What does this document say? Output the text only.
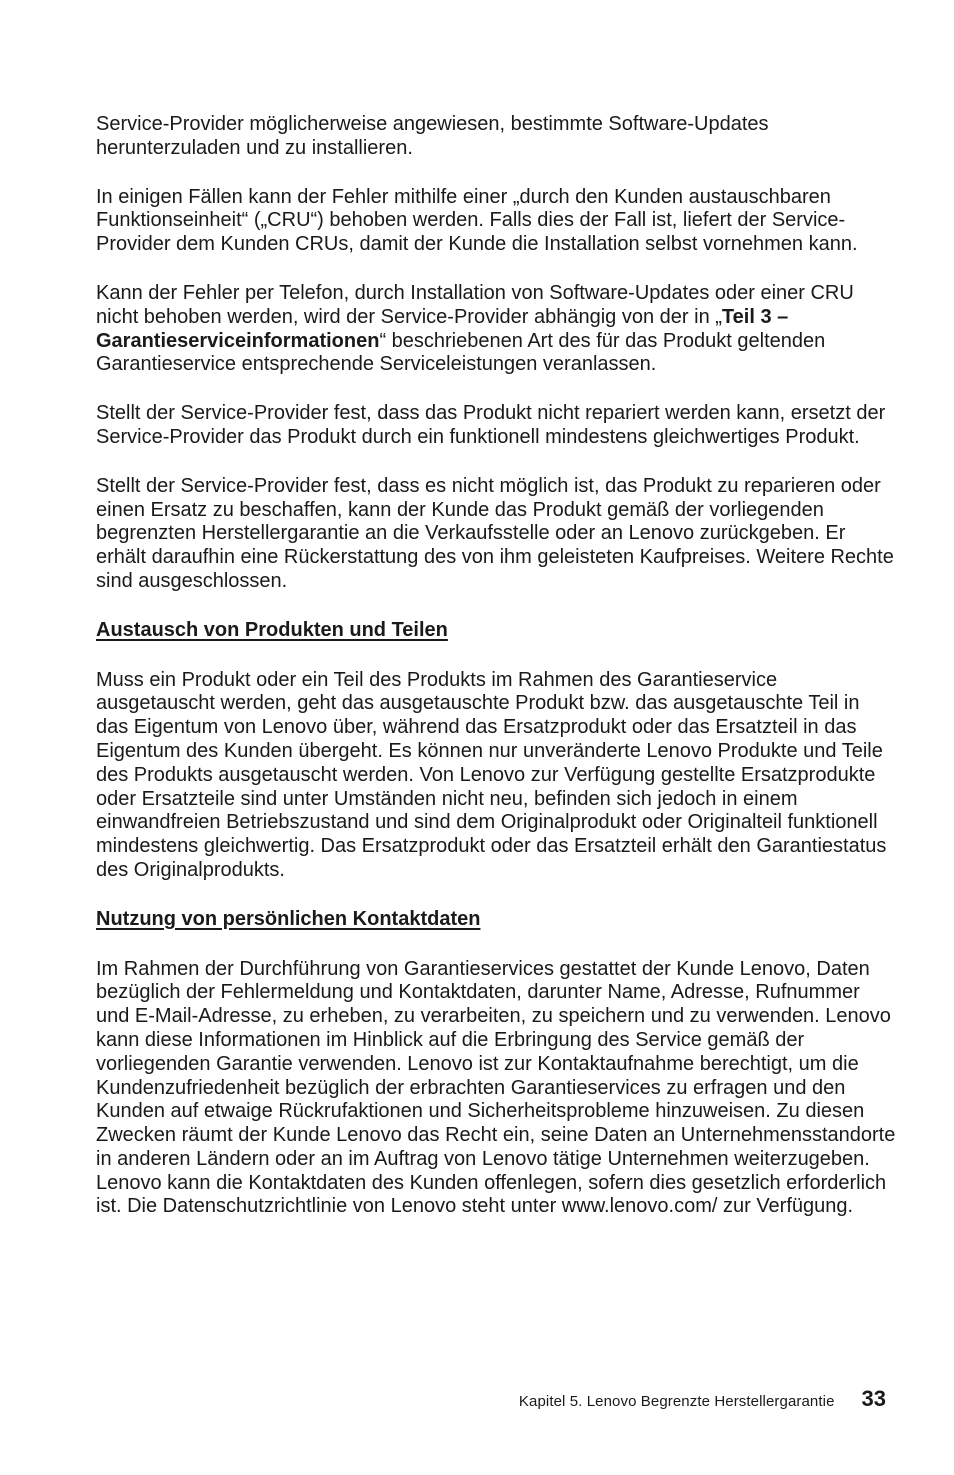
Service-Provider möglicherweise angewiesen, bestimmte Software-Updates herunterzuladen und zu installieren.

In einigen Fällen kann der Fehler mithilfe einer „durch den Kunden austauschbaren Funktionseinheit“ („CRU“) behoben werden. Falls dies der Fall ist, liefert der Service-Provider dem Kunden CRUs, damit der Kunde die Installation selbst vornehmen kann.

Kann der Fehler per Telefon, durch Installation von Software-Updates oder einer CRU nicht behoben werden, wird der Service-Provider abhängig von der in „Teil 3 – Garantieserviceinformationen“ beschriebenen Art des für das Produkt geltenden Garantieservice entsprechende Serviceleistungen veranlassen.

Stellt der Service-Provider fest, dass das Produkt nicht repariert werden kann, ersetzt der Service-Provider das Produkt durch ein funktionell mindestens gleichwertiges Produkt.

Stellt der Service-Provider fest, dass es nicht möglich ist, das Produkt zu reparieren oder einen Ersatz zu beschaffen, kann der Kunde das Produkt gemäß der vorliegenden begrenzten Herstellergarantie an die Verkaufsstelle oder an Lenovo zurückgeben. Er erhält daraufhin eine Rückerstattung des von ihm geleisteten Kaufpreises. Weitere Rechte sind ausgeschlossen.

Austausch von Produkten und Teilen

Muss ein Produkt oder ein Teil des Produkts im Rahmen des Garantieservice ausgetauscht werden, geht das ausgetauschte Produkt bzw. das ausgetauschte Teil in das Eigentum von Lenovo über, während das Ersatzprodukt oder das Ersatzteil in das Eigentum des Kunden übergeht. Es können nur unveränderte Lenovo Produkte und Teile des Produkts ausgetauscht werden. Von Lenovo zur Verfügung gestellte Ersatzprodukte oder Ersatzteile sind unter Umständen nicht neu, befinden sich jedoch in einem einwandfreien Betriebszustand und sind dem Originalprodukt oder Originalteil funktionell mindestens gleichwertig. Das Ersatzprodukt oder das Ersatzteil erhält den Garantiestatus des Originalprodukts.

Nutzung von persönlichen Kontaktdaten

Im Rahmen der Durchführung von Garantieservices gestattet der Kunde Lenovo, Daten bezüglich der Fehlermeldung und Kontaktdaten, darunter Name, Adresse, Rufnummer und E-Mail-Adresse, zu erheben, zu verarbeiten, zu speichern und zu verwenden. Lenovo kann diese Informationen im Hinblick auf die Erbringung des Service gemäß der vorliegenden Garantie verwenden. Lenovo ist zur Kontaktaufnahme berechtigt, um die Kundenzufriedenheit bezüglich der erbrachten Garantieservices zu erfragen und den Kunden auf etwaige Rückrufaktionen und Sicherheitsprobleme hinzuweisen. Zu diesen Zwecken räumt der Kunde Lenovo das Recht ein, seine Daten an Unternehmensstandorte in anderen Ländern oder an im Auftrag von Lenovo tätige Unternehmen weiterzugeben. Lenovo kann die Kontaktdaten des Kunden offenlegen, sofern dies gesetzlich erforderlich ist. Die Datenschutzrichtlinie von Lenovo steht unter www.lenovo.com/ zur Verfügung.

Kapitel 5. Lenovo Begrenzte Herstellergarantie 33
